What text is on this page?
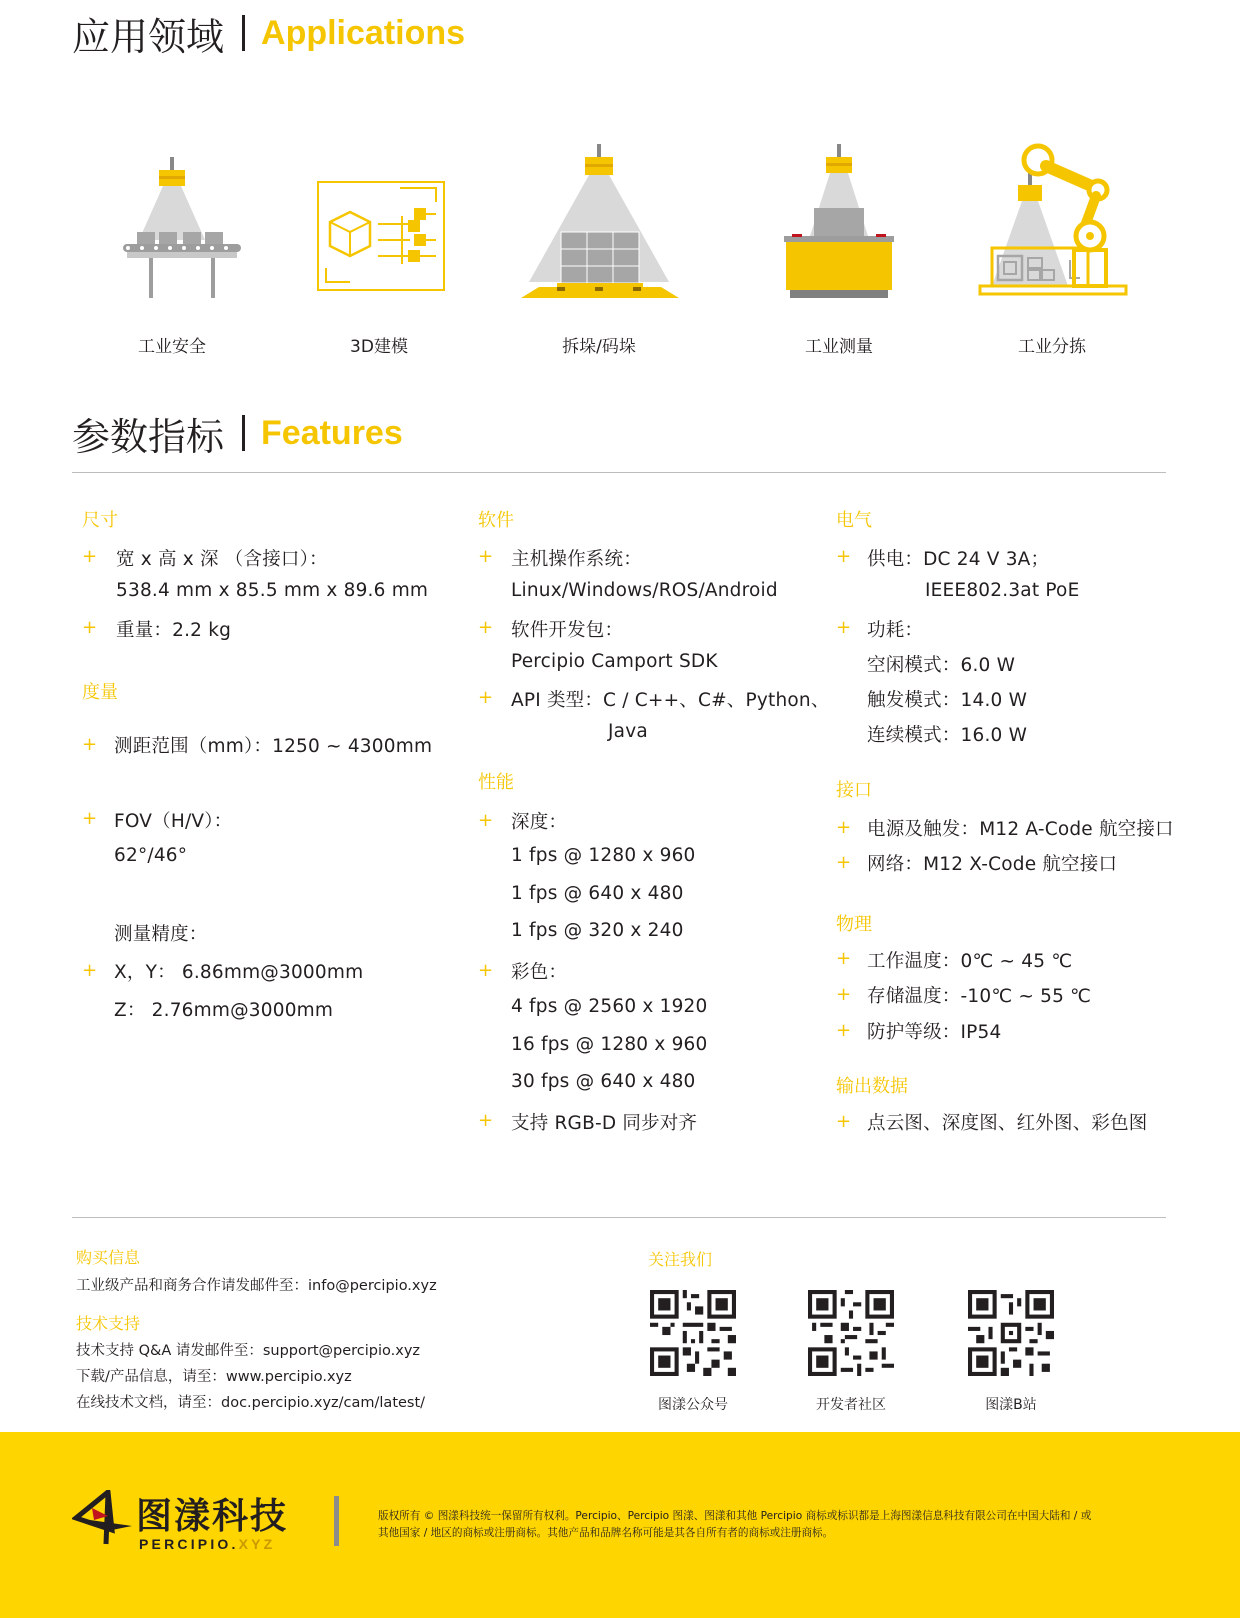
应用领域 Applications
工业安全	3D建模	拆垛/码垛	工业测量	工业分拣
参数指标 Features
尺寸
+ 宽 x 高 x 深 （含接口）：
538.4 mm x 85.5 mm x 89.6 mm
+ 重量：2.2 kg
度量
+ 测距范围（mm）：1250 ~ 4300mm
+ FOV（H/V）：
62°/46°
测量精度：
+ X，Y： 6.86mm@3000mm
Z： 2.76mm@3000mm
软件
+ 主机操作系统：
Linux/Windows/ROS/Android
+ 软件开发包：
Percipio Camport SDK
+ API 类型：C / C++、C#、Python、
Java
性能
+ 深度：
1 fps @ 1280 x 960
1 fps @ 640 x 480
1 fps @ 320 x 240
+ 彩色：
4 fps @ 2560 x 1920
16 fps @ 1280 x 960
30 fps @ 640 x 480
+ 支持 RGB-D 同步对齐
电气
+ 供电：DC 24 V 3A；
IEEE802.3at PoE
+ 功耗：
空闲模式：6.0 W
触发模式：14.0 W
连续模式：16.0 W
接口
+ 电源及触发：M12 A-Code 航空接口
+ 网络：M12 X-Code 航空接口
物理
+ 工作温度：0℃ ~ 45 ℃
+ 存储温度：-10℃ ~ 55 ℃
+ 防护等级：IP54
输出数据
+ 点云图、深度图、红外图、彩色图
购买信息
工业级产品和商务合作请发邮件至：info@percipio.xyz
技术支持
技术支持 Q&A 请发邮件至：support@percipio.xyz
下载/产品信息，请至：www.percipio.xyz
在线技术文档，请至：doc.percipio.xyz/cam/latest/
关注我们
图漾公众号	开发者社区	图漾B站
图漾科技
PERCIPIO.XYZ
版权所有 © 图漾科技统一保留所有权利。Percipio、Percipio 图漾、图漾和其他 Percipio 商标或标识都是上海图漾信息科技有限公司在中国大陆和 / 或
其他国家 / 地区的商标或注册商标。其他产品和品牌名称可能是其各自所有者的商标或注册商标。
